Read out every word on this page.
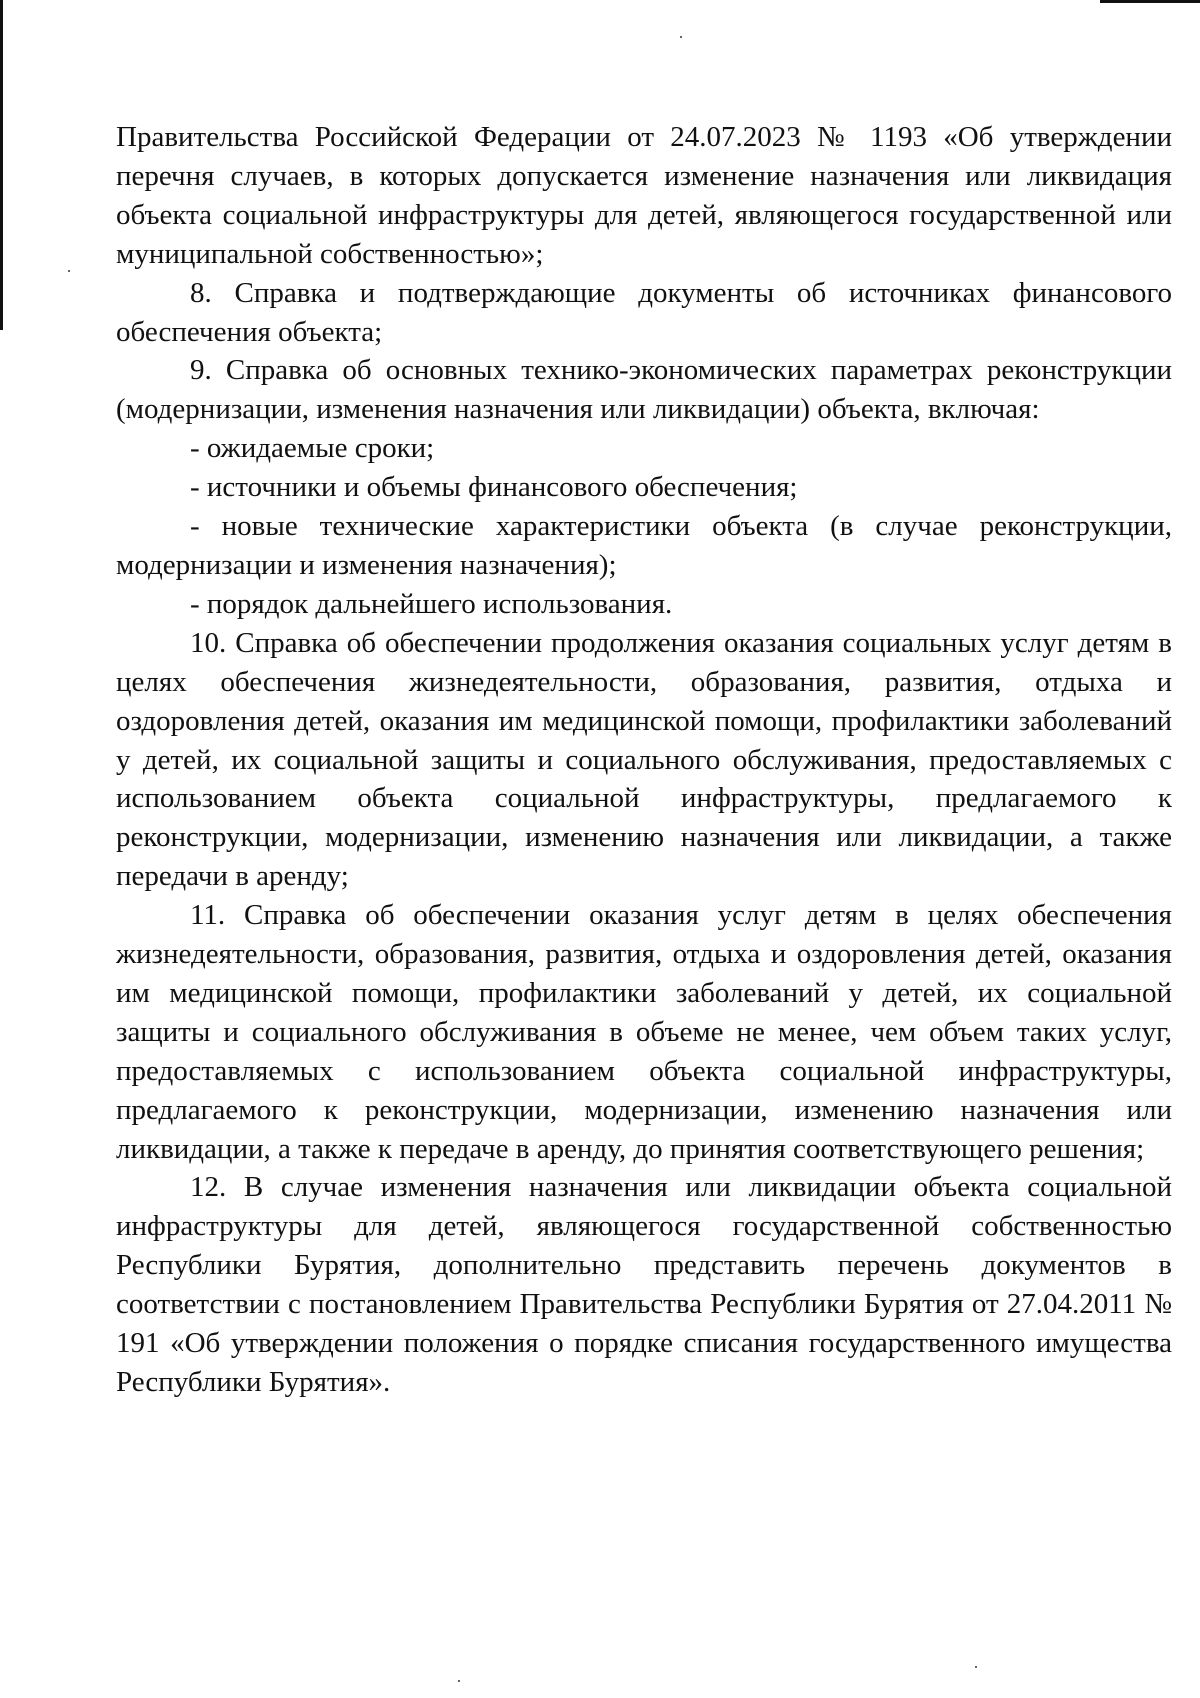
Правительства Российской Федерации от 24.07.2023 № 1193 «Об утверждении перечня случаев, в которых допускается изменение назначения или ликвидация объекта социальной инфраструктуры для детей, являющегося государственной или муниципальной собственностью»;

8. Справка и подтверждающие документы об источниках финансового обеспечения объекта;

9. Справка об основных технико-экономических параметрах реконструкции (модернизации, изменения назначения или ликвидации) объекта, включая:

- ожидаемые сроки;

- источники и объемы финансового обеспечения;

- новые технические характеристики объекта (в случае реконструкции, модернизации и изменения назначения);

- порядок дальнейшего использования.

10. Справка об обеспечении продолжения оказания социальных услуг детям в целях обеспечения жизнедеятельности, образования, развития, отдыха и оздоровления детей, оказания им медицинской помощи, профилактики заболеваний у детей, их социальной защиты и социального обслуживания, предоставляемых с использованием объекта социальной инфраструктуры, предлагаемого к реконструкции, модернизации, изменению назначения или ликвидации, а также передачи в аренду;

11. Справка об обеспечении оказания услуг детям в целях обеспечения жизнедеятельности, образования, развития, отдыха и оздоровления детей, оказания им медицинской помощи, профилактики заболеваний у детей, их социальной защиты и социального обслуживания в объеме не менее, чем объем таких услуг, предоставляемых с использованием объекта социальной инфраструктуры, предлагаемого к реконструкции, модернизации, изменению назначения или ликвидации, а также к передаче в аренду, до принятия соответствующего решения;

12. В случае изменения назначения или ликвидации объекта социальной инфраструктуры для детей, являющегося государственной собственностью Республики Бурятия, дополнительно представить перечень документов в соответствии с постановлением Правительства Республики Бурятия от 27.04.2011 № 191 «Об утверждении положения о порядке списания государственного имущества Республики Бурятия».
